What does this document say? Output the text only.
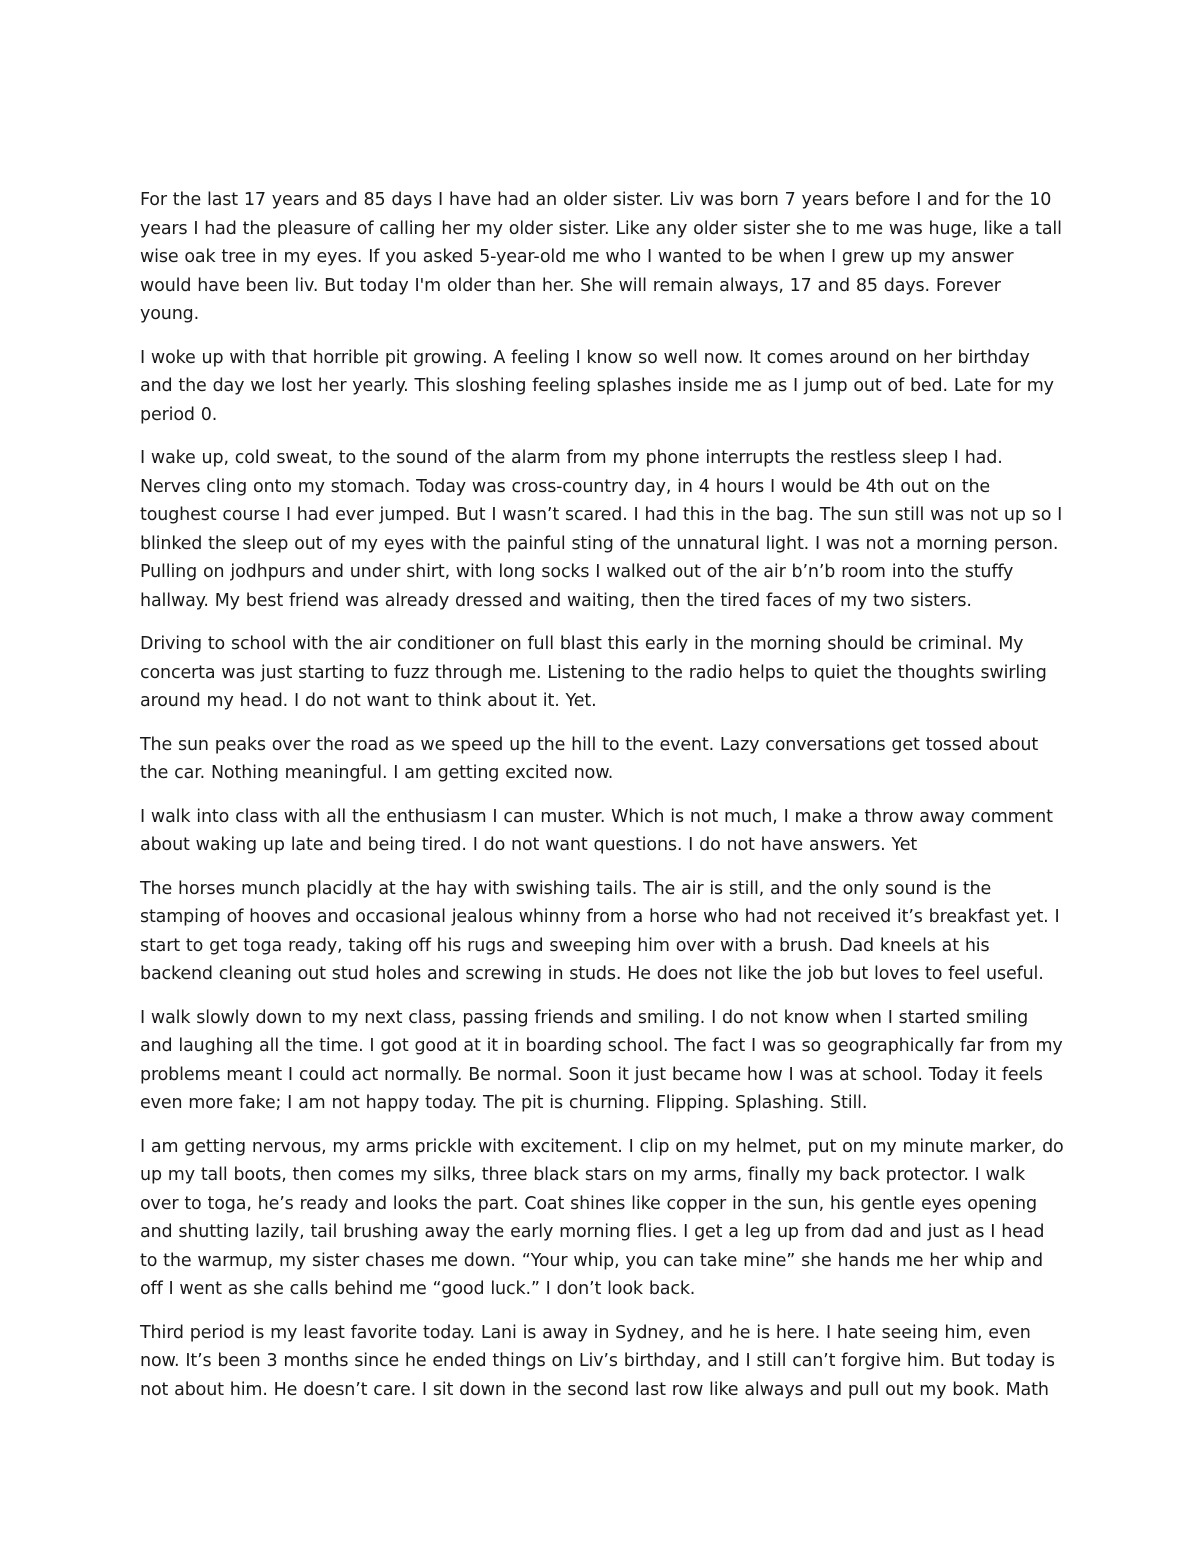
For the last 17 years and 85 days I have had an older sister. Liv was born 7 years before I and for the 10 years I had the pleasure of calling her my older sister. Like any older sister she to me was huge, like a tall wise oak tree in my eyes. If you asked 5-year-old me who I wanted to be when I grew up my answer would have been liv. But today I'm older than her. She will remain always, 17 and 85 days. Forever young.

I woke up with that horrible pit growing. A feeling I know so well now. It comes around on her birthday and the day we lost her yearly. This sloshing feeling splashes inside me as I jump out of bed. Late for my period 0.

I wake up, cold sweat, to the sound of the alarm from my phone interrupts the restless sleep I had. Nerves cling onto my stomach. Today was cross-country day, in 4 hours I would be 4th out on the toughest course I had ever jumped. But I wasn’t scared. I had this in the bag. The sun still was not up so I blinked the sleep out of my eyes with the painful sting of the unnatural light. I was not a morning person. Pulling on jodhpurs and under shirt, with long socks I walked out of the air b’n’b room into the stuffy hallway. My best friend was already dressed and waiting, then the tired faces of my two sisters.

Driving to school with the air conditioner on full blast this early in the morning should be criminal. My concerta was just starting to fuzz through me. Listening to the radio helps to quiet the thoughts swirling around my head. I do not want to think about it. Yet.

The sun peaks over the road as we speed up the hill to the event. Lazy conversations get tossed about the car. Nothing meaningful. I am getting excited now.

I walk into class with all the enthusiasm I can muster. Which is not much, I make a throw away comment about waking up late and being tired. I do not want questions. I do not have answers. Yet

The horses munch placidly at the hay with swishing tails. The air is still, and the only sound is the stamping of hooves and occasional jealous whinny from a horse who had not received it’s breakfast yet. I start to get toga ready, taking off his rugs and sweeping him over with a brush. Dad kneels at his backend cleaning out stud holes and screwing in studs. He does not like the job but loves to feel useful.

I walk slowly down to my next class, passing friends and smiling. I do not know when I started smiling and laughing all the time. I got good at it in boarding school. The fact I was so geographically far from my problems meant I could act normally. Be normal. Soon it just became how I was at school. Today it feels even more fake; I am not happy today. The pit is churning. Flipping. Splashing. Still.

I am getting nervous, my arms prickle with excitement. I clip on my helmet, put on my minute marker, do up my tall boots, then comes my silks, three black stars on my arms, finally my back protector. I walk over to toga, he’s ready and looks the part. Coat shines like copper in the sun, his gentle eyes opening and shutting lazily, tail brushing away the early morning flies. I get a leg up from dad and just as I head to the warmup, my sister chases me down. “Your whip, you can take mine” she hands me her whip and off I went as she calls behind me “good luck.” I don’t look back.

Third period is my least favorite today. Lani is away in Sydney, and he is here. I hate seeing him, even now. It’s been 3 months since he ended things on Liv’s birthday, and I still can’t forgive him. But today is not about him. He doesn’t care. I sit down in the second last row like always and pull out my book. Math
